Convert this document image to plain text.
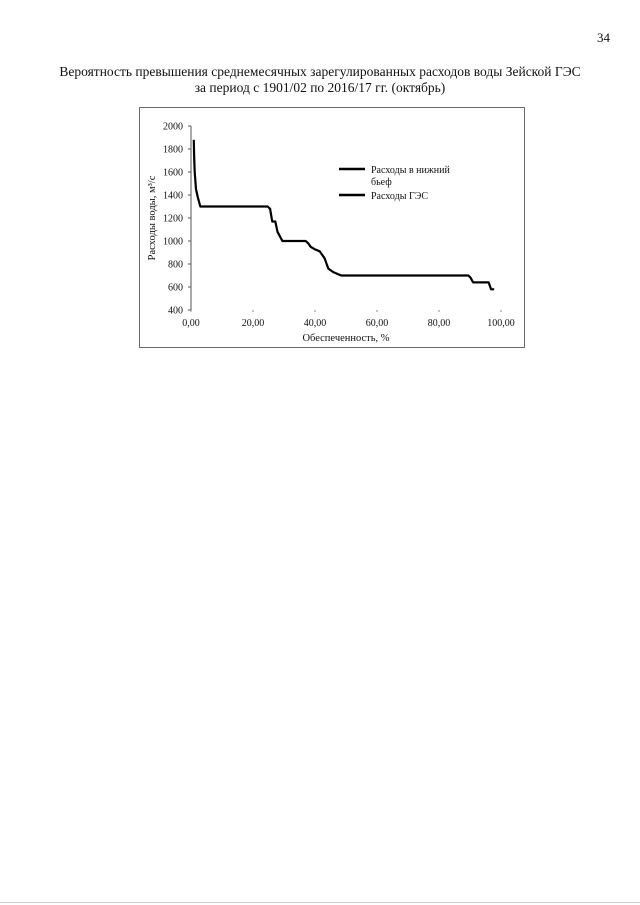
34
Вероятность превышения среднемесячных зарегулированных расходов воды Зейской ГЭС
за период с 1901/02 по 2016/17 гг. (октябрь)
400
600
800
1000
1200
1400
1600
1800
2000
0,00	20,00	40,00	60,00	80,00	100,00
Обеспеченность, %
Расходы воды, м³/с
Расходы в нижний бьеф
Расходы ГЭС
